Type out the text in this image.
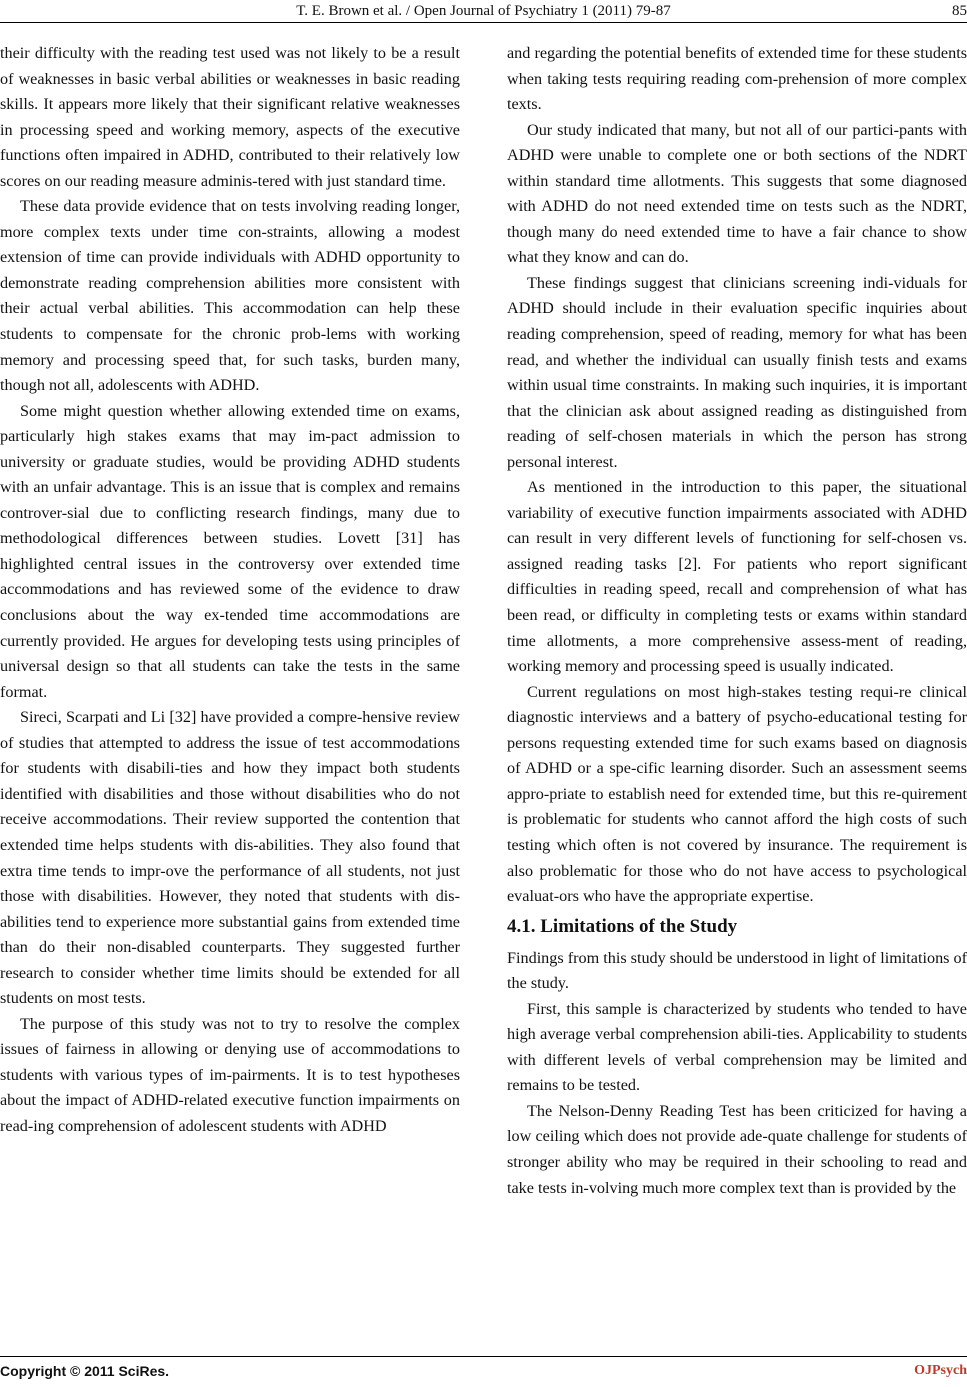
T. E. Brown et al. / Open Journal of Psychiatry 1 (2011) 79-87	85

their difficulty with the reading test used was not likely to be a result of weaknesses in basic verbal abilities or weaknesses in basic reading skills. It appears more likely that their significant relative weaknesses in processing speed and working memory, aspects of the executive functions often impaired in ADHD, contributed to their relatively low scores on our reading measure adminis-tered with just standard time.

These data provide evidence that on tests involving reading longer, more complex texts under time con-straints, allowing a modest extension of time can provide individuals with ADHD opportunity to demonstrate reading comprehension abilities more consistent with their actual verbal abilities. This accommodation can help these students to compensate for the chronic prob-lems with working memory and processing speed that, for such tasks, burden many, though not all, adolescents with ADHD.

Some might question whether allowing extended time on exams, particularly high stakes exams that may im-pact admission to university or graduate studies, would be providing ADHD students with an unfair advantage. This is an issue that is complex and remains controver-sial due to conflicting research findings, many due to methodological differences between studies. Lovett [31] has highlighted central issues in the controversy over extended time accommodations and has reviewed some of the evidence to draw conclusions about the way ex-tended time accommodations are currently provided. He argues for developing tests using principles of universal design so that all students can take the tests in the same format.

Sireci, Scarpati and Li [32] have provided a compre-hensive review of studies that attempted to address the issue of test accommodations for students with disabili-ties and how they impact both students identified with disabilities and those without disabilities who do not receive accommodations. Their review supported the contention that extended time helps students with dis-abilities. They also found that extra time tends to impr-ove the performance of all students, not just those with disabilities. However, they noted that students with dis-abilities tend to experience more substantial gains from extended time than do their non-disabled counterparts. They suggested further research to consider whether time limits should be extended for all students on most tests.

The purpose of this study was not to try to resolve the complex issues of fairness in allowing or denying use of accommodations to students with various types of im-pairments. It is to test hypotheses about the impact of ADHD-related executive function impairments on read-ing comprehension of adolescent students with ADHD

and regarding the potential benefits of extended time for these students when taking tests requiring reading com-prehension of more complex texts.

Our study indicated that many, but not all of our partici-pants with ADHD were unable to complete one or both sections of the NDRT within standard time allotments. This suggests that some diagnosed with ADHD do not need extended time on tests such as the NDRT, though many do need extended time to have a fair chance to show what they know and can do.

These findings suggest that clinicians screening indi-viduals for ADHD should include in their evaluation specific inquiries about reading comprehension, speed of reading, memory for what has been read, and whether the individual can usually finish tests and exams within usual time constraints. In making such inquiries, it is important that the clinician ask about assigned reading as distinguished from reading of self-chosen materials in which the person has strong personal interest.

As mentioned in the introduction to this paper, the situational variability of executive function impairments associated with ADHD can result in very different levels of functioning for self-chosen vs. assigned reading tasks [2]. For patients who report significant difficulties in reading speed, recall and comprehension of what has been read, or difficulty in completing tests or exams within standard time allotments, a more comprehensive assess-ment of reading, working memory and processing speed is usually indicated.

Current regulations on most high-stakes testing requi-re clinical diagnostic interviews and a battery of psycho-educational testing for persons requesting extended time for such exams based on diagnosis of ADHD or a spe-cific learning disorder. Such an assessment seems appro-priate to establish need for extended time, but this re-quirement is problematic for students who cannot afford the high costs of such testing which often is not covered by insurance. The requirement is also problematic for those who do not have access to psychological evaluat-ors who have the appropriate expertise.

4.1. Limitations of the Study

Findings from this study should be understood in light of limitations of the study.

First, this sample is characterized by students who tended to have high average verbal comprehension abili-ties. Applicability to students with different levels of verbal comprehension may be limited and remains to be tested.

The Nelson-Denny Reading Test has been criticized for having a low ceiling which does not provide ade-quate challenge for students of stronger ability who may be required in their schooling to read and take tests in-volving much more complex text than is provided by the

Copyright © 2011 SciRes.	OJPsych
